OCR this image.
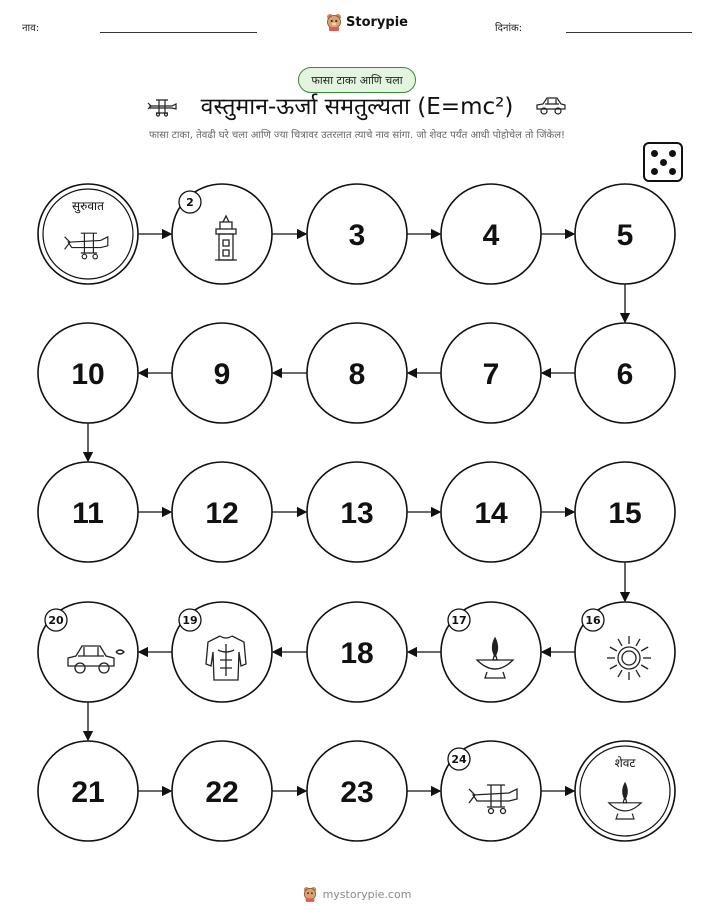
नाव:	Storypie	दिनांक:
फासा टाका आणि चला
वस्तुमान-ऊर्जा समतुल्यता (E=mc²)
फासा टाका, तेवढी घरे चला आणि ज्या चित्रावर उतरलात त्याचे नाव सांगा. जो शेवट पर्यंत आधी पोहोचेल तो जिंकेल!
सुरुवात	2
3	4	5
6
7
8
9
10
11	12	13	14	15
16
17
18
19
20
21	22	23
24	शेवट
mystorypie.com
